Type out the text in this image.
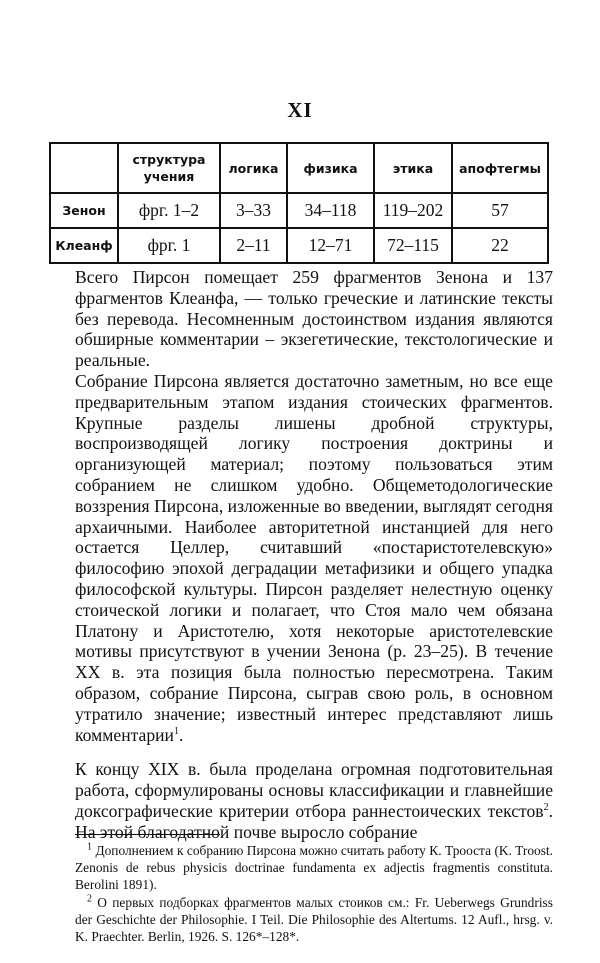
XI
	структура учения	логика	физика	этика	апофтегмы
Зенон	фрг. 1–2	3–33	34–118	119–202	57
Клеанф	фрг. 1	2–11	12–71	72–115	22

Всего Пирсон помещает 259 фрагментов Зенона и 137 фрагментов Клеанфа, — только греческие и латинские тексты без перевода. Несомненным достоинством издания являются обширные комментарии – экзегетические, текстологические и реальные.

Собрание Пирсона является достаточно заметным, но все еще предварительным этапом издания стоических фрагментов. Крупные разделы лишены дробной структуры, воспроизводящей логику построения доктрины и организующей материал; поэтому пользоваться этим собранием не слишком удобно. Общеметодологические воззрения Пирсона, изложенные во введении, выглядят сегодня архаичными. Наиболее авторитетной инстанцией для него остается Целлер, считавший «постаристотелевскую» философию эпохой деградации метафизики и общего упадка философской культуры. Пирсон разделяет нелестную оценку стоической логики и полагает, что Стоя мало чем обязана Платону и Аристотелю, хотя некоторые аристотелевские мотивы присутствуют в учении Зенона (p. 23–25). В течение XX в. эта позиция была полностью пересмотрена. Таким образом, собрание Пирсона, сыграв свою роль, в основном утратило значение; известный интерес представляют лишь комментарии$^1$.

К концу XIX в. была проделана огромная подготовительная работа, сформулированы основы классификации и главнейшие доксографические критерии отбора раннестоических текстов$^2$. На этой благодатной почве выросло собрание

$^1$ Дополнением к собранию Пирсона можно считать работу К. Трооста (K. Troost. Zenonis de rebus physicis doctrinae fundamenta ex adjectis fragmentis constituta. Berolini 1891).

$^2$ О первых подборках фрагментов малых стоиков см.: Fr. Ueberwegs Grundriss der Geschichte der Philosophie. I Teil. Die Philosophie des Altertums. 12 Aufl., hrsg. v. K. Praechter. Berlin, 1926. S. 126*–128*.
